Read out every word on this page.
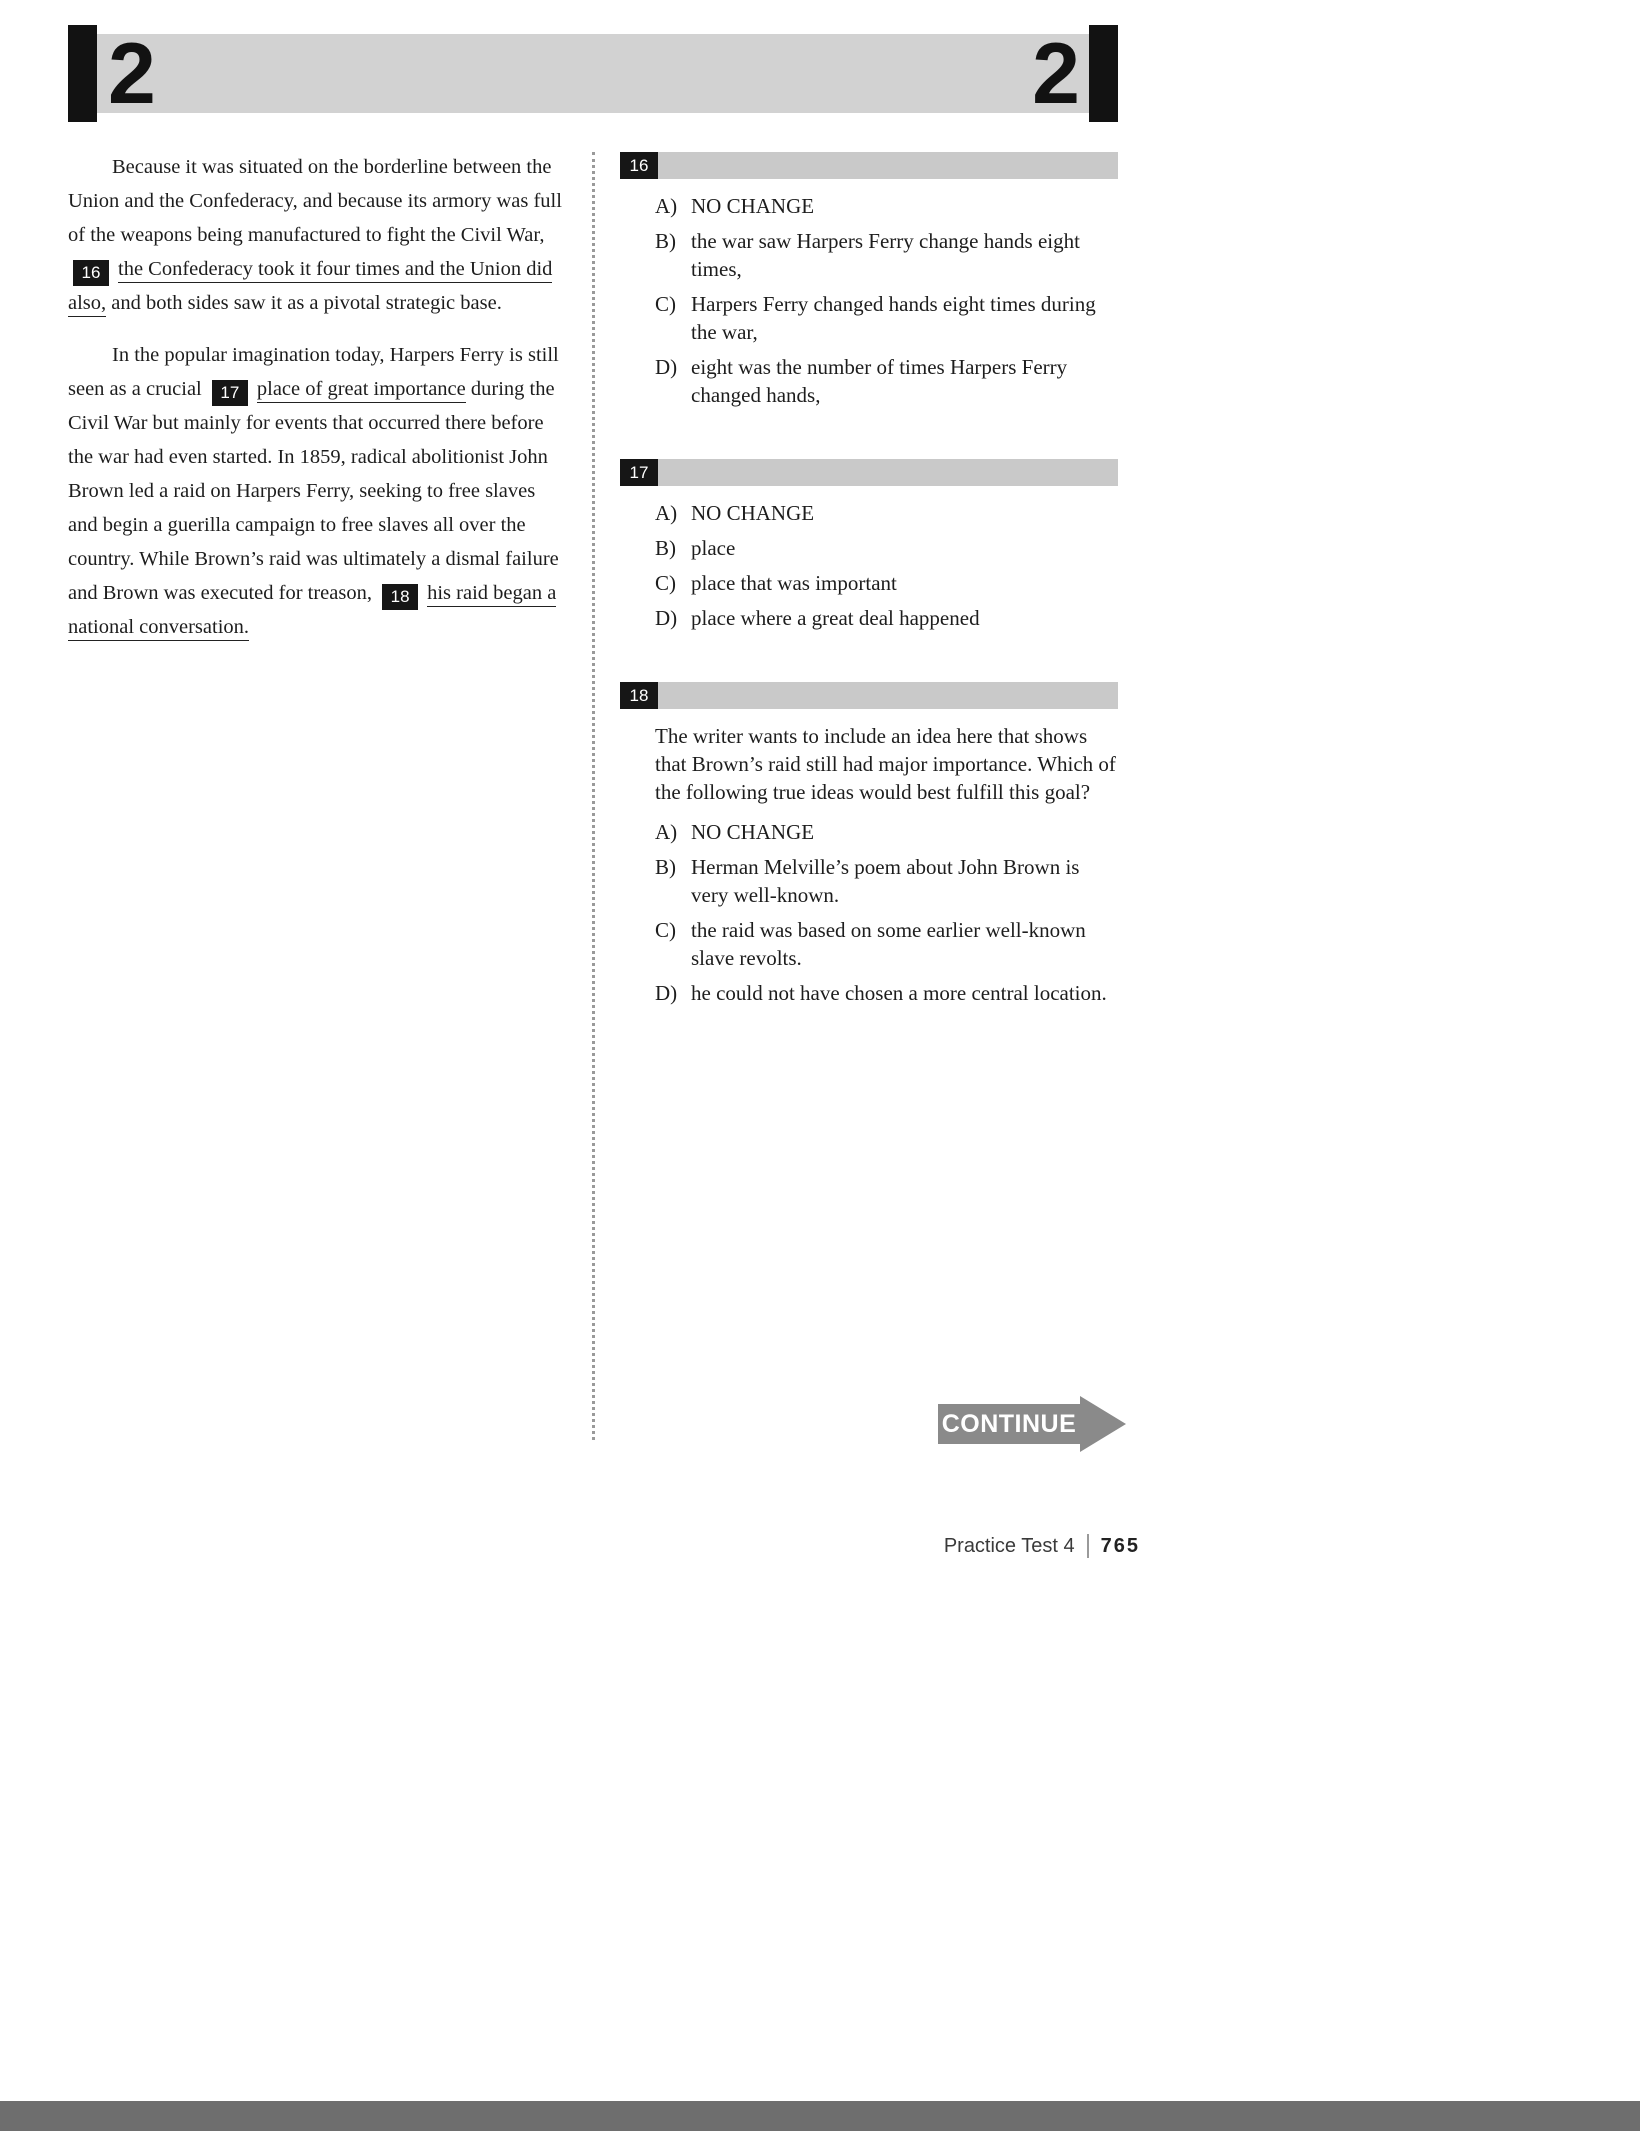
2	2

Because it was situated on the borderline between the Union and the Confederacy, and because its armory was full of the weapons being manufactured to fight the Civil War, 16 the Confederacy took it four times and the Union did also, and both sides saw it as a pivotal strategic base.

In the popular imagination today, Harpers Ferry is still seen as a crucial 17 place of great importance during the Civil War but mainly for events that occurred there before the war had even started. In 1859, radical abolitionist John Brown led a raid on Harpers Ferry, seeking to free slaves and begin a guerilla campaign to free slaves all over the country. While Brown’s raid was ultimately a dismal failure and Brown was executed for treason, 18 his raid began a national conversation.

16
A) NO CHANGE
B) the war saw Harpers Ferry change hands eight times,
C) Harpers Ferry changed hands eight times during the war,
D) eight was the number of times Harpers Ferry changed hands,
17
A) NO CHANGE
B) place
C) place that was important
D) place where a great deal happened
18
The writer wants to include an idea here that shows that Brown’s raid still had major importance. Which of the following true ideas would best fulfill this goal?
A) NO CHANGE
B) Herman Melville’s poem about John Brown is very well-known.
C) the raid was based on some earlier well-known slave revolts.
D) he could not have chosen a more central location.
CONTINUE
Practice Test 4 765
